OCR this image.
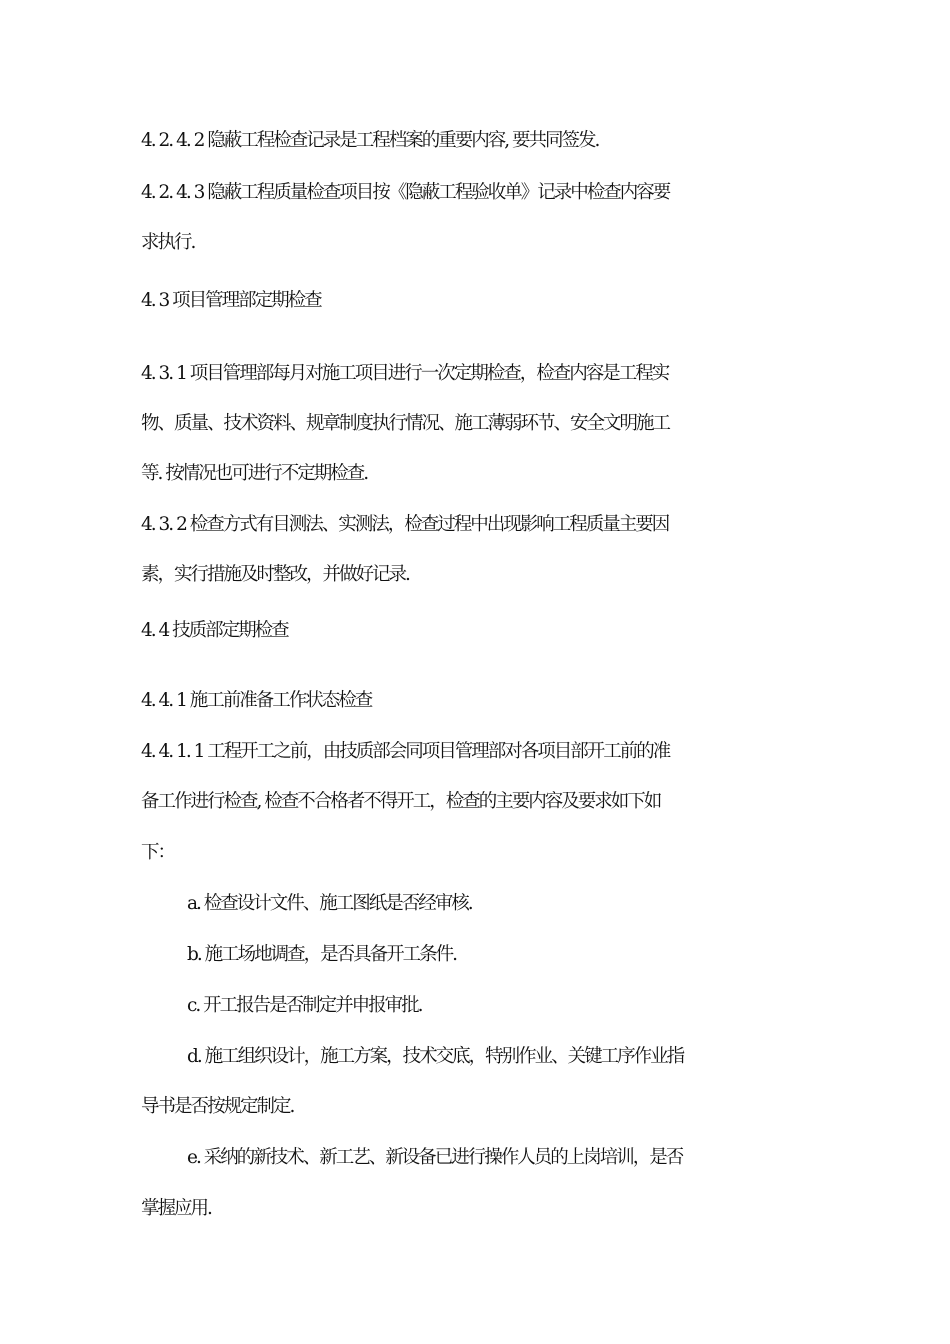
4. 2. 4. 2 隐蔽工程检查记录是工程档案的重要内容, 要共同签发.
4. 2. 4. 3 隐蔽工程质量检查项目按《隐蔽工程验收单》记录中检查内容要
求执行.
4. 3 项目管理部定期检查
4. 3. 1 项目管理部每月对施工项目进行一次定期检查，检查内容是工程实
物、质量、技术资料、规章制度执行情况、施工薄弱环节、安全文明施工
等. 按情况也可进行不定期检查.
4. 3. 2 检查方式有目测法、实测法，检查过程中出现影响工程质量主要因
素，实行措施及时整改，并做好记录.
4. 4 技质部定期检查
4. 4. 1 施工前准备工作状态检查
4. 4. 1. 1 工程开工之前，由技质部会同项目管理部对各项目部开工前的准
备工作进行检查, 检查不合格者不得开工，检查的主要内容及要求如下如
下：
a. 检查设计文件、施工图纸是否经审核.
b. 施工场地调查，是否具备开工条件.
c. 开工报告是否制定并申报审批.
d. 施工组织设计，施工方案，技术交底，特别作业、关键工序作业指
导书是否按规定制定.
e. 采纳的新技术、新工艺、新设备已进行操作人员的上岗培训，是否
掌握应用.
